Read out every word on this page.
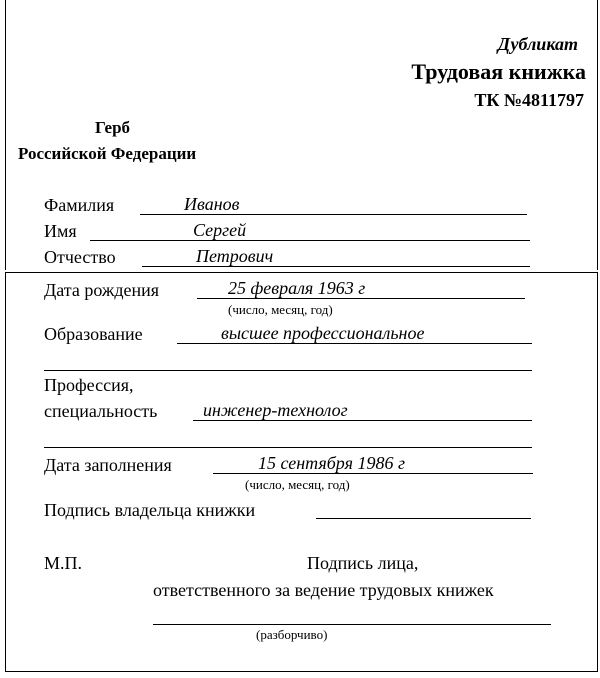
Дубликат
Трудовая книжка
ТК №4811797
Герб
Российской Федерации
Фамилия	Иванов
Имя	Сергей
Отчество	Петрович
Дата рождения	25 февраля 1963 г
(число, месяц, год)
Образование	высшее профессиональное
Профессия,
специальность	инженер-технолог
Дата заполнения	15 сентября 1986 г
(число, месяц, год)
Подпись владельца книжки
М.П.	Подпись лица,
ответственного за ведение трудовых книжек
(разборчиво)
